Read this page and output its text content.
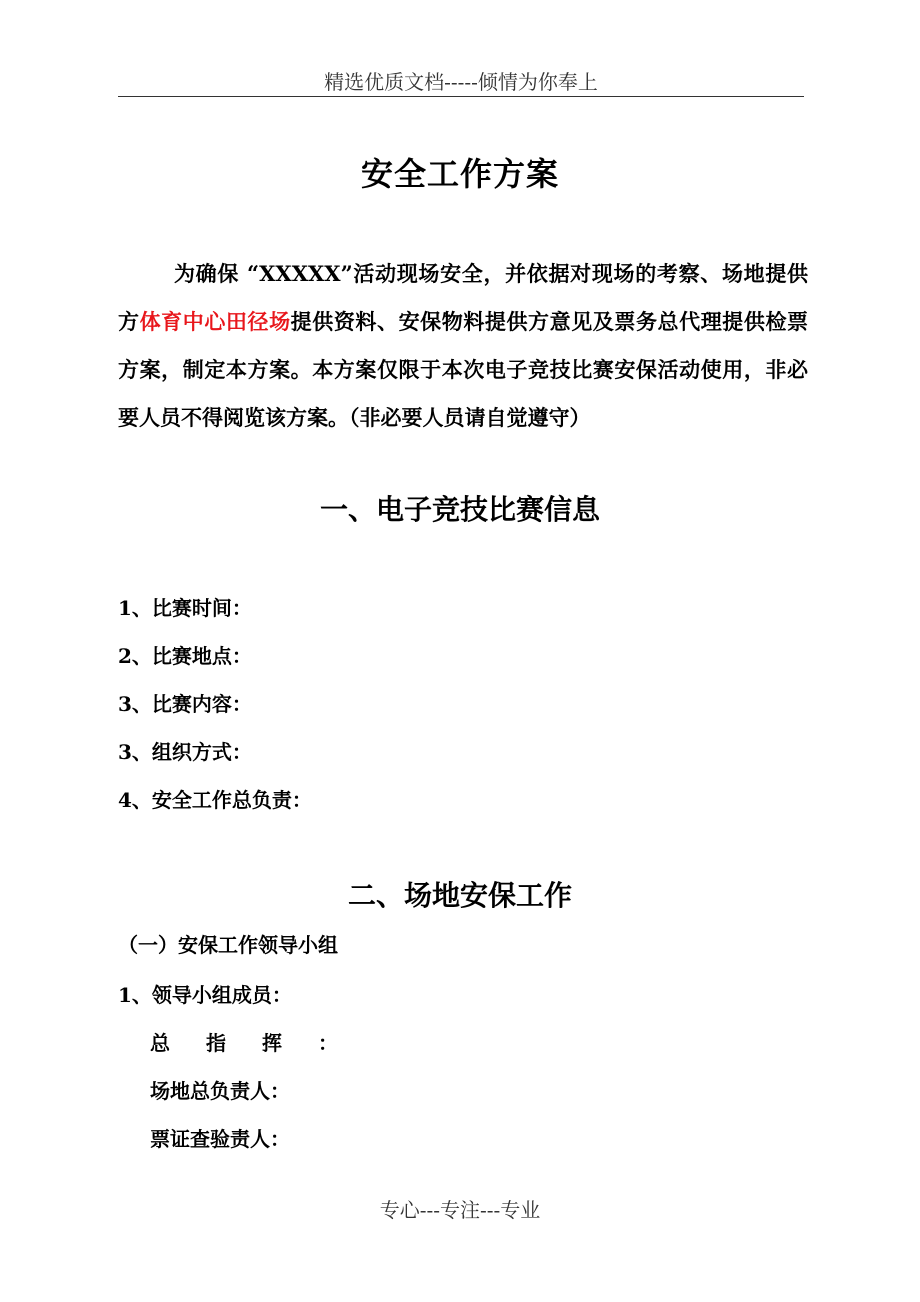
精选优质文档-----倾情为你奉上
安全工作方案

为确保 “XXXXX”活动现场安全，并依据对现场的考察、场地提供方体育中心田径场提供资料、安保物料提供方意见及票务总代理提供检票方案，制定本方案。本方案仅限于本次电子竞技比赛安保活动使用，非必要人员不得阅览该方案。（非必要人员请自觉遵守）

一、电子竞技比赛信息
1、比赛时间：
2、比赛地点：
3、比赛内容：
3、组织方式：
4、安全工作总负责：
二、场地安保工作
（一）安保工作领导小组
1、领导小组成员：
总指挥：
场地总负责人：
票证查验责人：
专心---专注---专业
